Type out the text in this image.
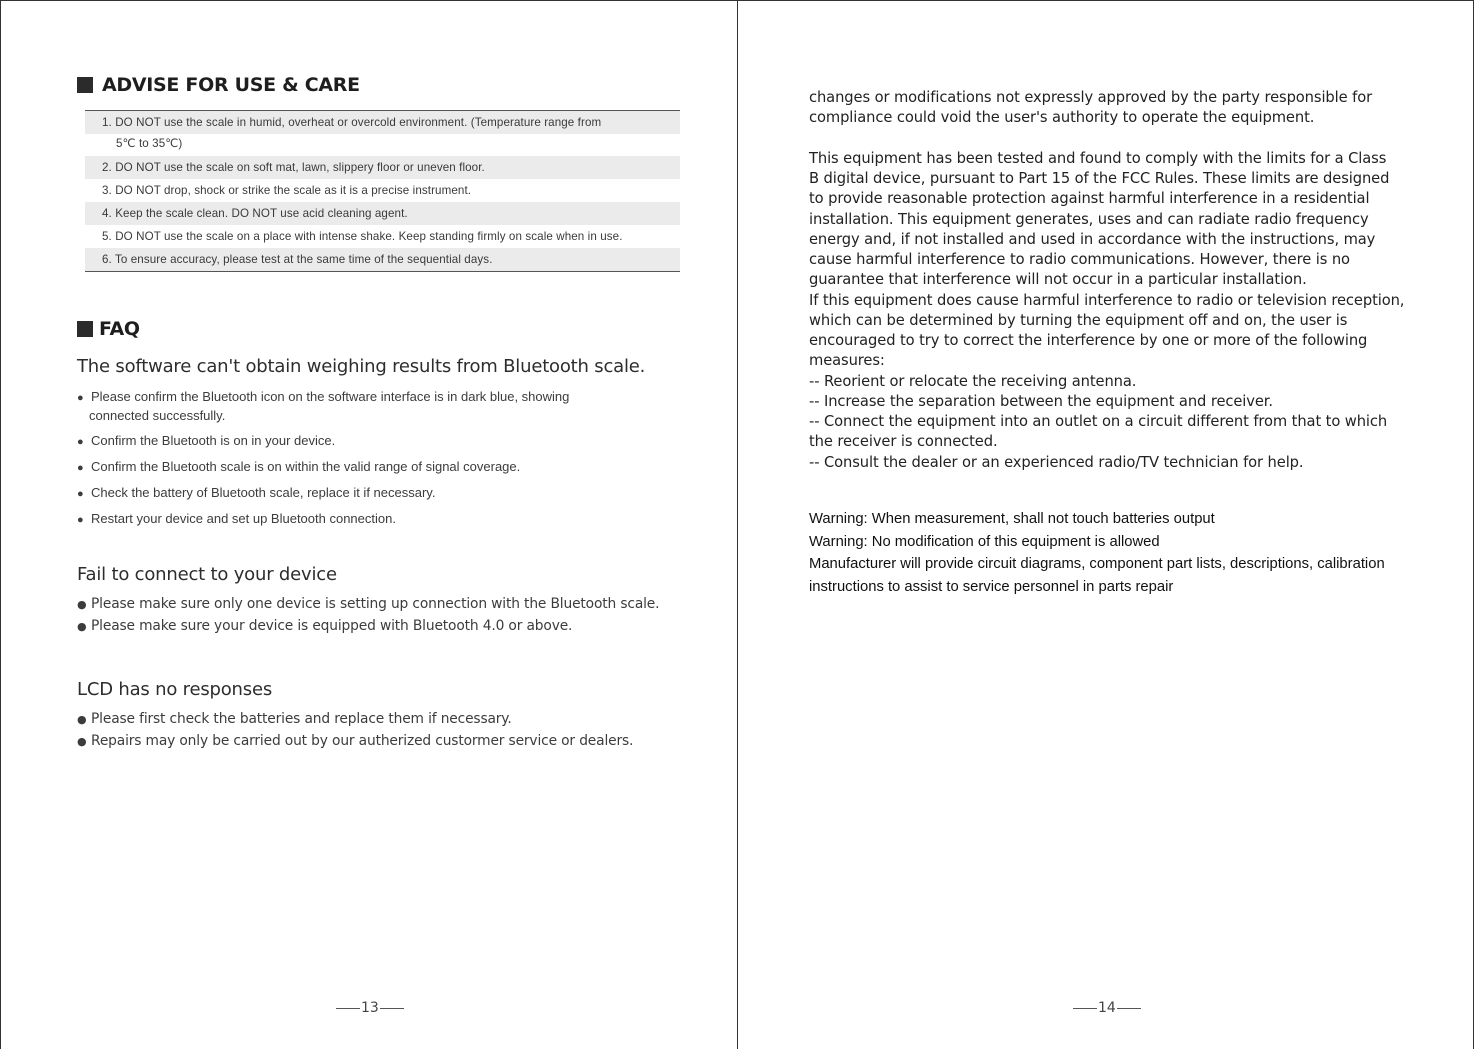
ADVISE FOR USE & CARE
1. DO NOT use the scale in humid, overheat or overcold environment. (Temperature range from
5℃ to 35℃)
2. DO NOT use the scale on soft mat, lawn, slippery floor or uneven floor.
3. DO NOT drop, shock or strike the scale as it is a precise instrument.
4. Keep the scale clean. DO NOT use acid cleaning agent.
5. DO NOT use the scale on a place with intense shake. Keep standing firmly on scale when in use.
6. To ensure accuracy, please test at the same time of the sequential days.
FAQ
The software can't obtain weighing results from Bluetooth scale.
● Please confirm the Bluetooth icon on the software interface is in dark blue, showing
connected successfully.
● Confirm the Bluetooth is on in your device.
● Confirm the Bluetooth scale is on within the valid range of signal coverage.
● Check the battery of Bluetooth scale, replace it if necessary.
● Restart your device and set up Bluetooth connection.
Fail to connect to your device
● Please make sure only one device is setting up connection with the Bluetooth scale.
● Please make sure your device is equipped with Bluetooth 4.0 or above.
LCD has no responses
● Please first check the batteries and replace them if necessary.
● Repairs may only be carried out by our autherized custormer service or dealers.
13
changes or modifications not expressly approved by the party responsible for
compliance could void the user's authority to operate the equipment.
This equipment has been tested and found to comply with the limits for a Class
B digital device, pursuant to Part 15 of the FCC Rules. These limits are designed
to provide reasonable protection against harmful interference in a residential
installation. This equipment generates, uses and can radiate radio frequency
energy and, if not installed and used in accordance with the instructions, may
cause harmful interference to radio communications. However, there is no
guarantee that interference will not occur in a particular installation.
If this equipment does cause harmful interference to radio or television reception,
which can be determined by turning the equipment off and on, the user is
encouraged to try to correct the interference by one or more of the following
measures:
-- Reorient or relocate the receiving antenna.
-- Increase the separation between the equipment and receiver.
-- Connect the equipment into an outlet on a circuit different from that to which
the receiver is connected.
-- Consult the dealer or an experienced radio/TV technician for help.
Warning: When measurement, shall not touch batteries output
Warning: No modification of this equipment is allowed
Manufacturer will provide circuit diagrams, component part lists, descriptions, calibration
instructions to assist to service personnel in parts repair
14
